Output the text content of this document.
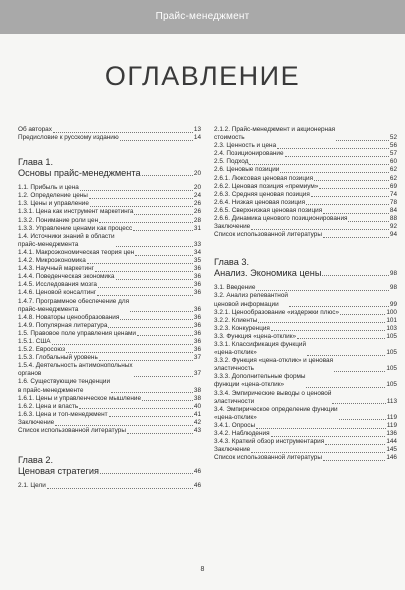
Прайс-менеджмент
ОГЛАВЛЕНИЕ
Об авторах	13
Предисловие к русскому изданию	14
Глава 1.
Основы прайс-менеджмента	20
1.1. Прибыль и цена	20
1.2. Определение цены	24
1.3. Цены и управление	26
1.3.1. Цена как инструмент маркетинга	26
1.3.2. Понимание роли цен	28
1.3.3. Управление ценами как процесс	31
1.4. Источники знаний в области
прайс-менеджмента	33
1.4.1. Макроэкономическая теория цен	34
1.4.2. Микроэкономика	35
1.4.3. Научный маркетинг	36
1.4.4. Поведенческая экономика	36
1.4.5. Исследования мозга	36
1.4.6. Ценовой консалтинг	36
1.4.7. Программное обеспечение для
прайс-менеджмента	36
1.4.8. Новаторы ценообразования	36
1.4.9. Популярная литература	36
1.5. Правовое поле управления ценами	36
1.5.1. США	36
1.5.2. Евросоюз	36
1.5.3. Глобальный уровень	37
1.5.4. Деятельность антимонопольных
органов	37
1.6. Существующие тенденции
в прайс-менеджменте	38
1.6.1. Цены и управленческое мышление	38
1.6.2. Цена и власть	40
1.6.3. Цена и топ-менеджмент	41
Заключение	42
Список использованной литературы	43
Глава 2.
Ценовая стратегия	46
2.1. Цели	46
2.1.2. Прайс-менеджмент и акционерная
стоимость	52
2.3. Ценность и цена	56
2.4. Позиционирование	57
2.5. Подход	60
2.6. Ценовые позиции	62
2.6.1. Люксовая ценовая позиция	62
2.6.2. Ценовая позиция «премиум»	69
2.6.3. Средняя ценовая позиция	74
2.6.4. Низкая ценовая позиция	78
2.6.5. Сверхнизкая ценовая позиция	84
2.6.6. Динамика ценового позиционирования	88
Заключение	92
Список использованной литературы	94
Глава 3.
Анализ. Экономика цены	98
3.1. Введение	98
3.2. Анализ релевантной
ценовой информации	99
3.2.1. Ценообразование «издержки плюс»	100
3.2.2. Клиенты	101
3.2.3. Конкуренция	103
3.3. Функция «цена-отклик»	105
3.3.1. Классификация функций
«цена-отклик»	105
3.3.2. Функция «цена-отклик» и ценовая
эластичность	105
3.3.3. Дополнительные формы
функции «цена-отклик»	105
3.3.4. Эмпирические выводы о ценовой
эластичности	113
3.4. Эмпирическое определение функции
«цена-отклик»	119
3.4.1. Опросы	119
3.4.2. Наблюдения	136
3.4.3. Краткий обзор инструментария	144
Заключение	145
Список использованной литературы	146
8
